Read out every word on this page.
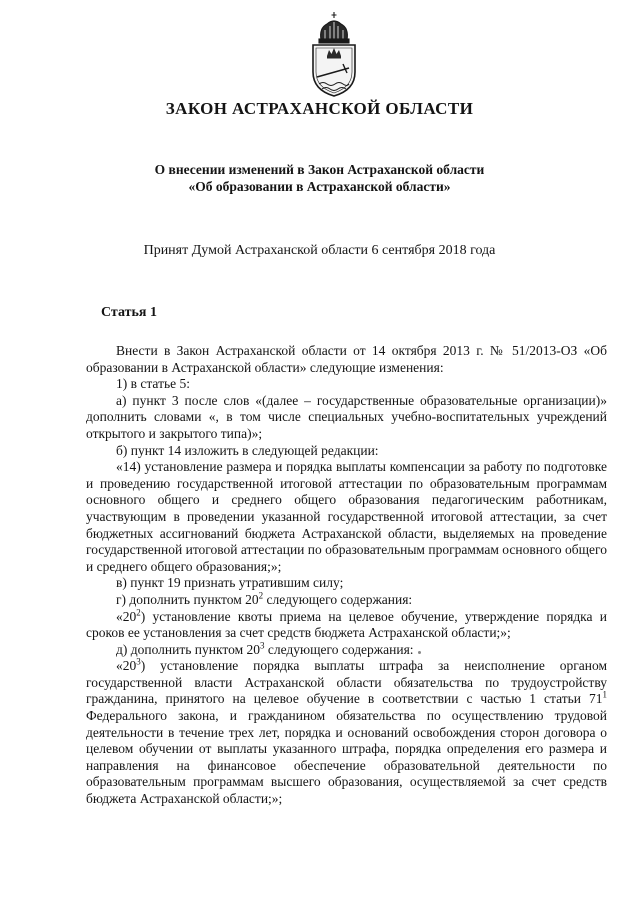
ЗАКОН АСТРАХАНСКОЙ ОБЛАСТИ
О внесении изменений в Закон Астраханской области
«Об образовании в Астраханской области»
Принят Думой Астраханской области 6 сентября 2018 года
Статья 1

Внести в Закон Астраханской области от 14 октября 2013 г. № 51/2013-ОЗ «Об образовании в Астраханской области» следующие изменения:

1) в статье 5:

а) пункт 3 после слов «(далее – государственные образовательные организации)» дополнить словами «, в том числе специальных учебно-воспитательных учреждений открытого и закрытого типа)»;

б) пункт 14 изложить в следующей редакции:

«14) установление размера и порядка выплаты компенсации за работу по подготовке и проведению государственной итоговой аттестации по образовательным программам основного общего и среднего общего образования педагогическим работникам, участвующим в проведении указанной государственной итоговой аттестации, за счет бюджетных ассигнований бюджета Астраханской области, выделяемых на проведение государственной итоговой аттестации по образовательным программам основного общего и среднего общего образования;»;

в) пункт 19 признать утратившим силу;

г) дополнить пунктом $20^2$ следующего содержания:

«$20^2$) установление квоты приема на целевое обучение, утверждение порядка и сроков ее установления за счет средств бюджета Астраханской области;»;

д) дополнить пунктом $20^3$ следующего содержания:

«$20^3$) установление порядка выплаты штрафа за неисполнение органом государственной власти Астраханской области обязательства по трудоустройству гражданина, принятого на целевое обучение в соответствии с частью 1 статьи $71^1$ Федерального закона, и гражданином обязательства по осуществлению трудовой деятельности в течение трех лет, порядка и оснований освобождения сторон договора о целевом обучении от выплаты указанного штрафа, порядка определения его размера и направления на финансовое обеспечение образовательной деятельности по образовательным программам высшего образования, осуществляемой за счет средств бюджета Астраханской области;»;
